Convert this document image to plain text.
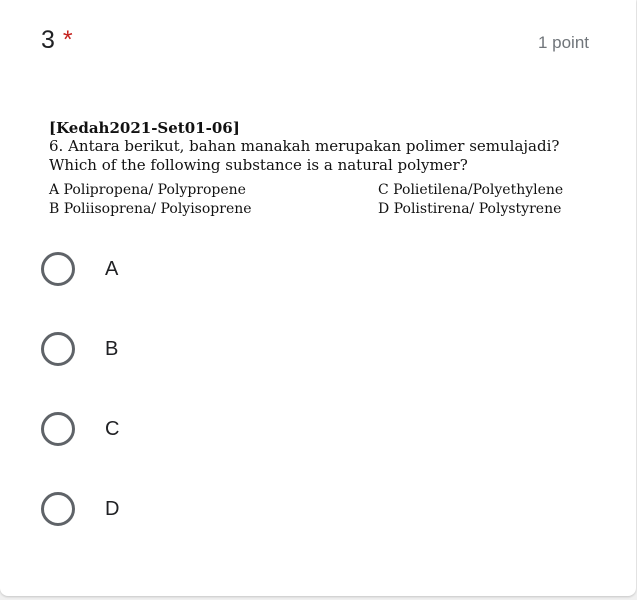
3 *	1 point
[Kedah2021-Set01-06]
6. Antara berikut, bahan manakah merupakan polimer semulajadi?
Which of the following substance is a natural polymer?
A Polipropena/ Polypropene	C Polietilena/Polyethylene
B Poliisoprena/ Polyisoprene	D Polistirena/ Polystyrene
A
B
C
D
